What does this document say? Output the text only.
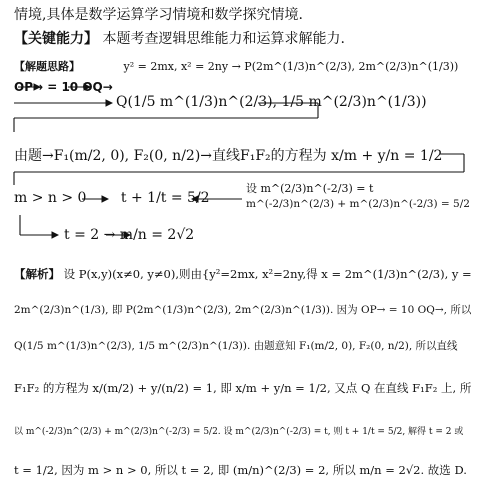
情境,具体是数学运算学习情境和数学探究情境.
【关键能力】 本题考查逻辑思维能力和运算求解能力.
【解题思路】	y² = 2mx, x² = 2ny → P(2m^(1/3)n^(2/3), 2m^(2/3)n^(1/3))
OP→ = 10 OQ→
Q(1/5 m^(1/3)n^(2/3), 1/5 m^(2/3)n^(1/3))
由题→F₁(m/2, 0), F₂(0, n/2)→直线F₁F₂的方程为 x/m + y/n = 1/2
m > n > 0 t + 1/t = 5/2
设 m^(2/3)n^(-2/3) = t
m^(-2/3)n^(2/3) + m^(2/3)n^(-2/3) = 5/2
t = 2 → m/n = 2√2
【解析】 设 P(x,y)(x≠0, y≠0),则由{y²=2mx, x²=2ny,得 x = 2m^(1/3)n^(2/3), y =
2m^(2/3)n^(1/3), 即 P(2m^(1/3)n^(2/3), 2m^(2/3)n^(1/3)). 因为 OP→ = 10 OQ→, 所以
Q(1/5 m^(1/3)n^(2/3), 1/5 m^(2/3)n^(1/3)). 由题意知 F₁(m/2, 0), F₂(0, n/2), 所以直线
F₁F₂ 的方程为 x/(m/2) + y/(n/2) = 1, 即 x/m + y/n = 1/2, 又点 Q 在直线 F₁F₂ 上, 所
以 m^(-2/3)n^(2/3) + m^(2/3)n^(-2/3) = 5/2. 设 m^(2/3)n^(-2/3) = t, 则 t + 1/t = 5/2, 解得 t = 2 或
t = 1/2, 因为 m > n > 0, 所以 t = 2, 即 (m/n)^(2/3) = 2, 所以 m/n = 2√2. 故选 D.
